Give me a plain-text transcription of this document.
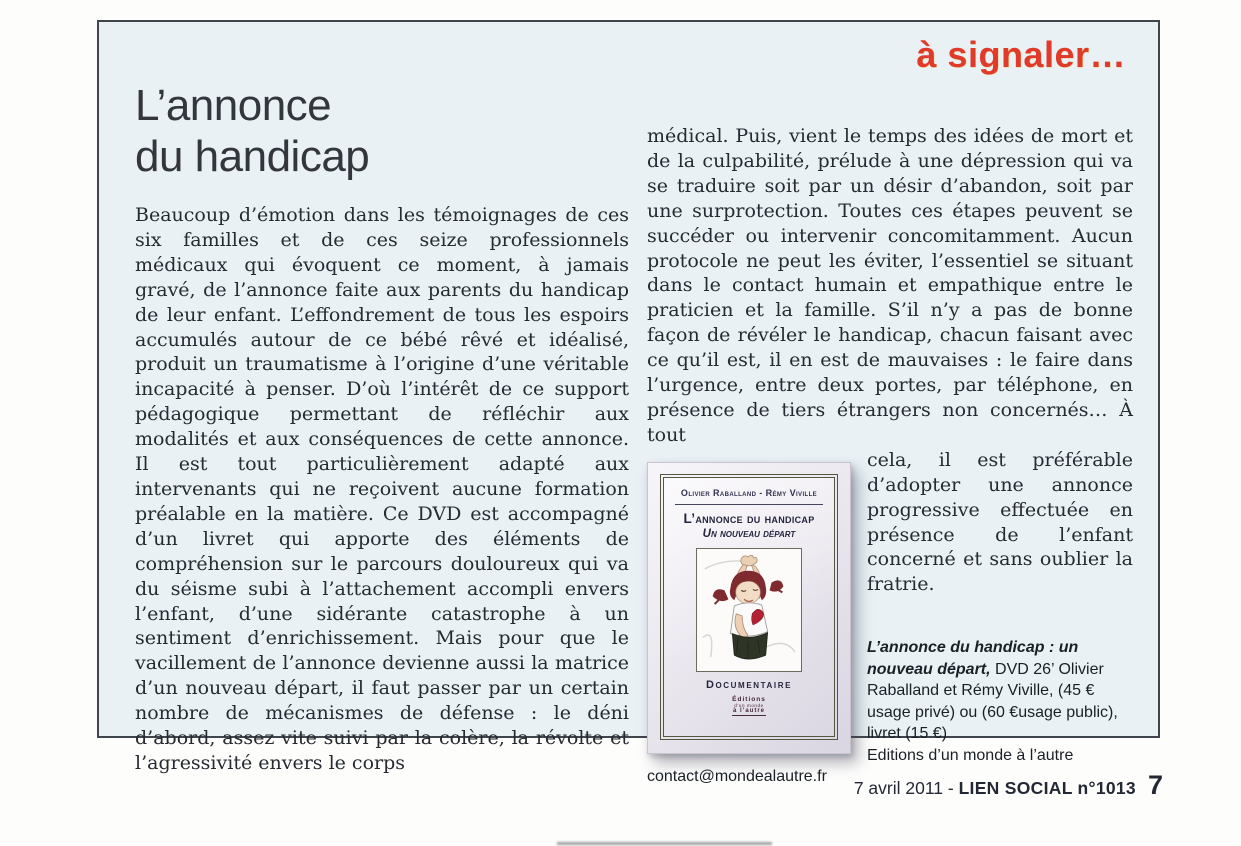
à signaler…
L’annonce
du handicap

Beaucoup d’émotion dans les témoignages de ces six familles et de ces seize professionnels médicaux qui évoquent ce moment, à jamais gravé, de l’annonce faite aux parents du handicap de leur enfant. L’effondrement de tous les espoirs accumulés autour de ce bébé rêvé et idéalisé, produit un traumatisme à l’origine d’une véritable incapacité à penser. D’où l’intérêt de ce support pédagogique permettant de réfléchir aux modalités et aux conséquences de cette annonce. Il est tout particulièrement adapté aux intervenants qui ne reçoivent aucune formation préalable en la matière. Ce DVD est accompagné d’un livret qui apporte des éléments de compréhension sur le parcours douloureux qui va du séisme subi à l’attachement accompli envers l’enfant, d’une sidérante catastrophe à un sentiment d’enrichissement. Mais pour que le vacillement de l’annonce devienne aussi la matrice d’un nouveau départ, il faut passer par un certain nombre de mécanismes de défense : le déni d’abord, assez vite suivi par la colère, la révolte et l’agressivité envers le corps

médical. Puis, vient le temps des idées de mort et de la culpabilité, prélude à une dépression qui va se traduire soit par un désir d’abandon, soit par une surprotection. Toutes ces étapes peuvent se succéder ou intervenir concomitamment. Aucun protocole ne peut les éviter, l’essentiel se situant dans le contact humain et empathique entre le praticien et la famille. S’il n’y a pas de bonne façon de révéler le handicap, chacun faisant avec ce qu’il est, il en est de mauvaises : le faire dans l’urgence, entre deux portes, par téléphone, en présence de tiers étrangers non concernés… À tout

Olivier Raballand - Rémy Viville
L’annonce du handicap
Un nouveau départ
Documentaire
Éditions
d’un monde
à l’autre

cela, il est préférable d’adopter une annonce progressive effectuée en présence de l’enfant concerné et sans oublier la fratrie.

L’annonce du handicap : un nouveau départ, DVD 26’ Olivier Raballand et Rémy Viville, (45 € usage privé) ou (60 €usage public), livret (15 €)
Editions d’un monde à l’autre
contact@mondealautre.fr
7 avril 2011 - LIEN SOCIAL n°1013 7
